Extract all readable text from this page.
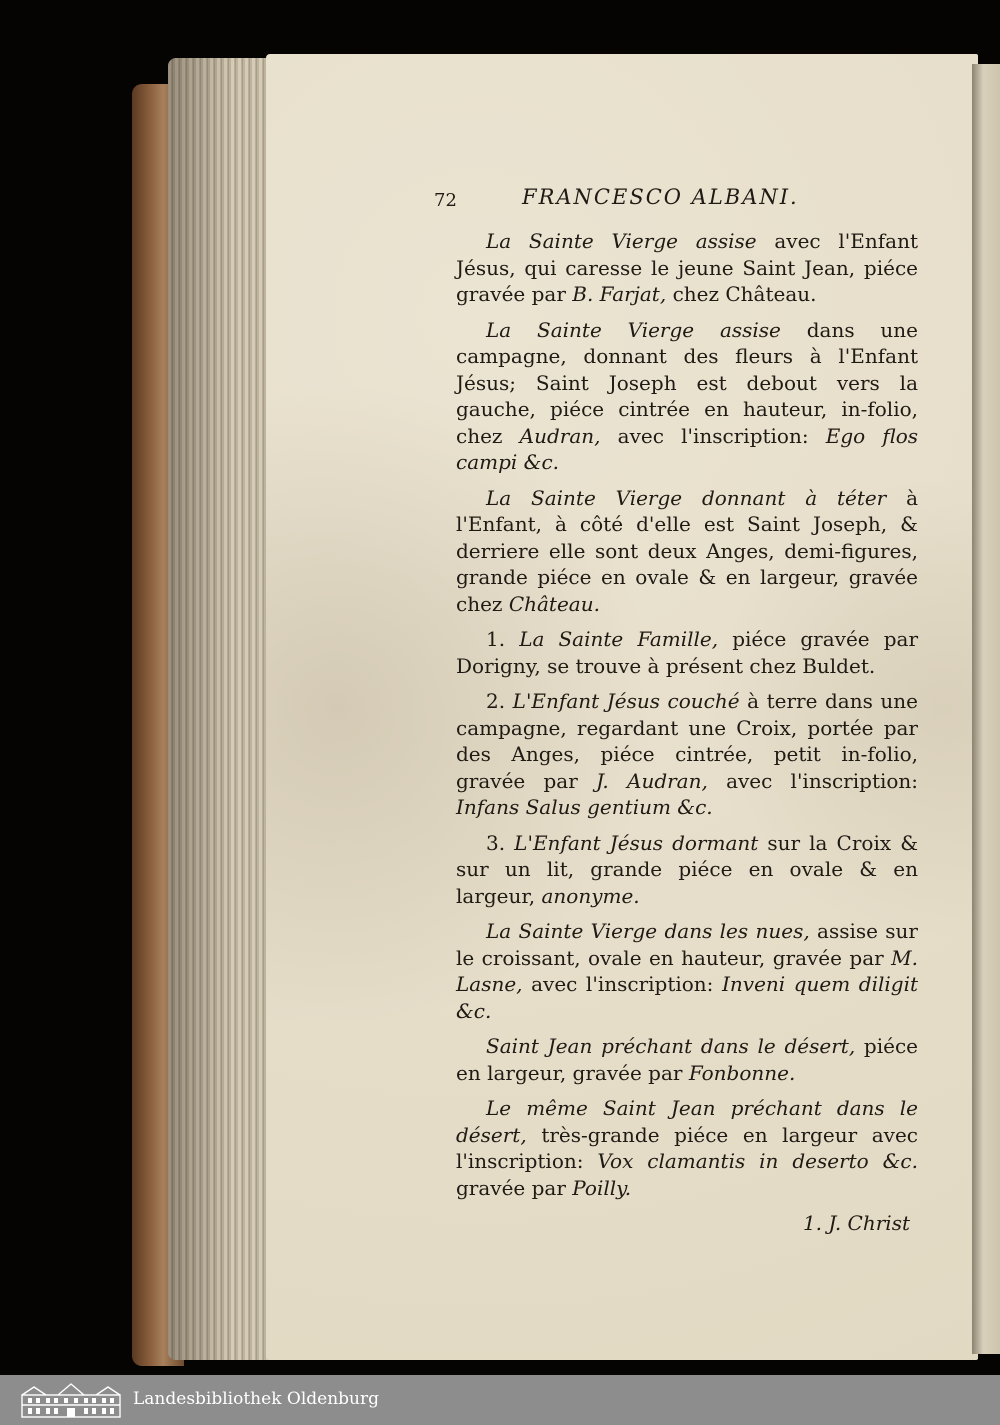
72	FRANCESCO ALBANI.

La Sainte Vierge assise avec l'Enfant Jésus, qui caresse le jeune Saint Jean, piéce gravée par B. Farjat, chez Château.

La Sainte Vierge assise dans une campagne, donnant des fleurs à l'Enfant Jésus; Saint Joseph est debout vers la gauche, piéce cintrée en hauteur, in-folio, chez Audran, avec l'inscription: Ego flos campi &c.

La Sainte Vierge donnant à téter à l'Enfant, à côté d'elle est Saint Joseph, & derriere elle sont deux Anges, demi-figures, grande piéce en ovale & en largeur, gravée chez Château.

1. La Sainte Famille, piéce gravée par Dorigny, se trouve à présent chez Buldet.

2. L'Enfant Jésus couché à terre dans une campagne, regardant une Croix, portée par des Anges, piéce cintrée, petit in-folio, gravée par J. Audran, avec l'inscription: Infans Salus gentium &c.

3. L'Enfant Jésus dormant sur la Croix & sur un lit, grande piéce en ovale & en largeur, anonyme.

La Sainte Vierge dans les nues, assise sur le croissant, ovale en hauteur, gravée par M. Lasne, avec l'inscription: Inveni quem diligit &c.

Saint Jean préchant dans le désert, piéce en largeur, gravée par Fonbonne.

Le même Saint Jean préchant dans le désert, très-grande piéce en largeur avec l'inscription: Vox clamantis in deserto &c. gravée par Poilly.

1. J. Christ
Landesbibliothek Oldenburg
